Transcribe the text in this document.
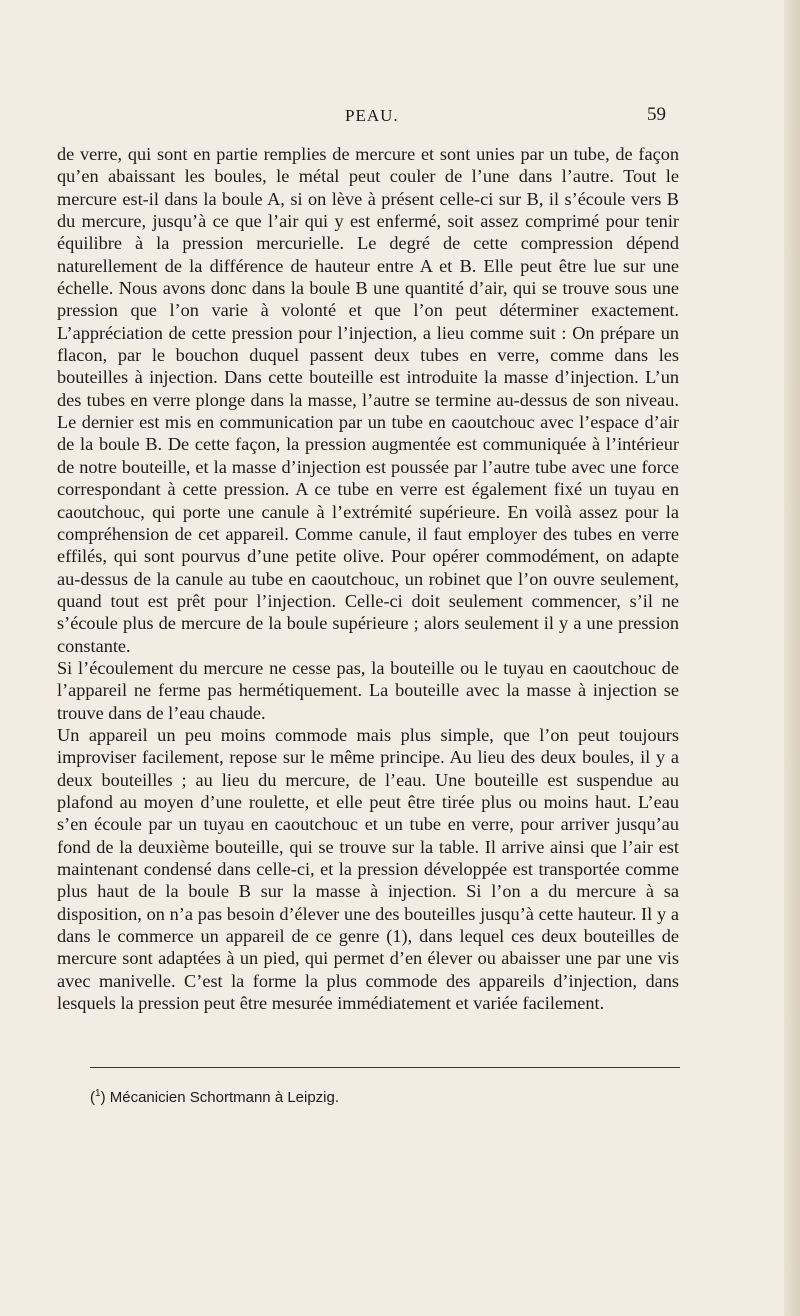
PEAU.	59

de verre, qui sont en partie remplies de mercure et sont unies par un tube, de façon qu’en abaissant les boules, le métal peut couler de l’une dans l’autre. Tout le mercure est-il dans la boule A, si on lève à présent celle-ci sur B, il s’écoule vers B du mercure, jusqu’à ce que l’air qui y est enfermé, soit assez comprimé pour tenir équilibre à la pression mercurielle. Le degré de cette compression dépend naturellement de la différence de hauteur entre A et B. Elle peut être lue sur une échelle. Nous avons donc dans la boule B une quantité d’air, qui se trouve sous une pression que l’on varie à volonté et que l’on peut déterminer exactement. L’appréciation de cette pression pour l’injection, a lieu comme suit : On prépare un flacon, par le bouchon duquel passent deux tubes en verre, comme dans les bouteilles à injection. Dans cette bouteille est introduite la masse d’injection. L’un des tubes en verre plonge dans la masse, l’autre se termine au-dessus de son niveau. Le dernier est mis en communication par un tube en caoutchouc avec l’espace d’air de la boule B. De cette façon, la pression augmentée est communiquée à l’intérieur de notre bouteille, et la masse d’injection est poussée par l’autre tube avec une force correspondant à cette pression. A ce tube en verre est également fixé un tuyau en caoutchouc, qui porte une canule à l’extrémité supérieure. En voilà assez pour la compréhension de cet appareil. Comme canule, il faut employer des tubes en verre effilés, qui sont pourvus d’une petite olive. Pour opérer commodément, on adapte au-dessus de la canule au tube en caoutchouc, un robinet que l’on ouvre seulement, quand tout est prêt pour l’injection. Celle-ci doit seulement commencer, s’il ne s’écoule plus de mercure de la boule supérieure ; alors seulement il y a une pression constante.

Si l’écoulement du mercure ne cesse pas, la bouteille ou le tuyau en caoutchouc de l’appareil ne ferme pas hermétiquement. La bouteille avec la masse à injection se trouve dans de l’eau chaude.

Un appareil un peu moins commode mais plus simple, que l’on peut toujours improviser facilement, repose sur le même principe. Au lieu des deux boules, il y a deux bouteilles ; au lieu du mercure, de l’eau. Une bouteille est suspendue au plafond au moyen d’une roulette, et elle peut être tirée plus ou moins haut. L’eau s’en écoule par un tuyau en caoutchouc et un tube en verre, pour arriver jusqu’au fond de la deuxième bouteille, qui se trouve sur la table. Il arrive ainsi que l’air est maintenant condensé dans celle-ci, et la pression développée est transportée comme plus haut de la boule B sur la masse à injection. Si l’on a du mercure à sa disposition, on n’a pas besoin d’élever une des bouteilles jusqu’à cette hauteur. Il y a dans le commerce un appareil de ce genre (1), dans lequel ces deux bouteilles de mercure sont adaptées à un pied, qui permet d’en élever ou abaisser une par une vis avec manivelle. C’est la forme la plus commode des appareils d’injection, dans lesquels la pression peut être mesurée immédiatement et variée facilement.

($^1$) Mécanicien Schortmann à Leipzig.
